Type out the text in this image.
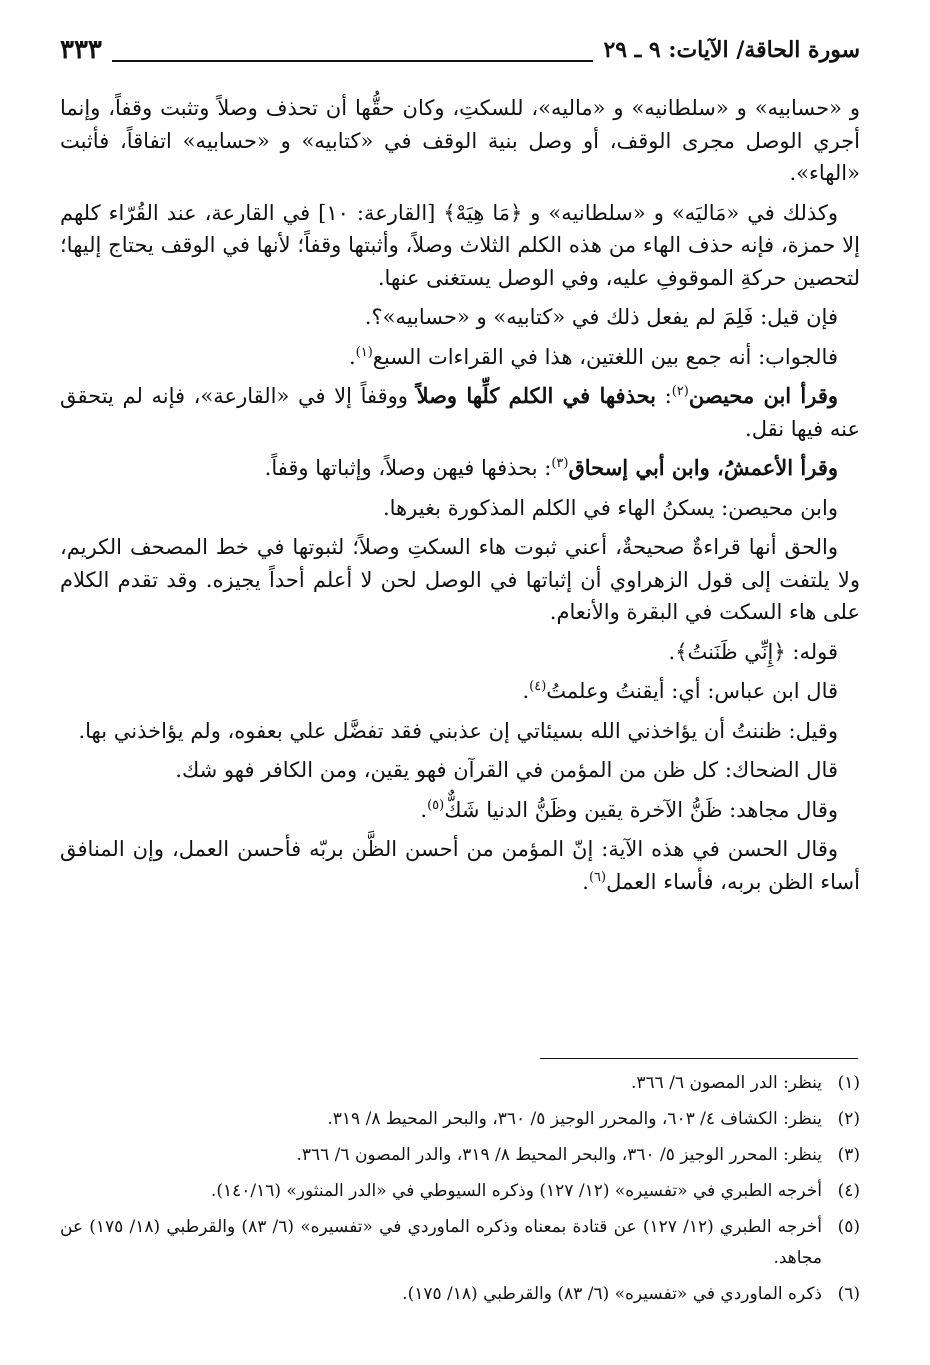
سورة الحاقة/ الآيات: ٩ ـ ٢٩
٣٣٣

و «حسابيه» و «سلطانيه» و «ماليه»، للسكتِ، وكان حقُّها أن تحذف وصلاً وتثبت وقفاً، وإنما أجري الوصل مجرى الوقف، أو وصل بنية الوقف في «كتابيه» و «حسابيه» اتفاقاً، فأثبت «الهاء».

وكذلك في «مَاليَه» و «سلطانيه» و ﴿مَا هِيَهْ﴾ [القارعة: ١٠] في القارعة، عند القُرّاء كلهم إلا حمزة، فإنه حذف الهاء من هذه الكلم الثلاث وصلاً، وأثبتها وقفاً؛ لأنها في الوقف يحتاج إليها؛ لتحصين حركةِ الموقوفِ عليه، وفي الوصل يستغنى عنها.

فإن قيل: فَلِمَ لم يفعل ذلك في «كتابيه» و «حسابيه»؟.

فالجواب: أنه جمع بين اللغتين، هذا في القراءات السبع$^{(١)}$.

وقرأ ابن محيصن$^{(٢)}$: بحذفها في الكلم كلِّها وصلاً ووقفاً إلا في «القارعة»، فإنه لم يتحقق عنه فيها نقل.

وقرأ الأعمشُ، وابن أبي إسحاق$^{(٣)}$: بحذفها فيهن وصلاً، وإثباتها وقفاً.

وابن محيصن: يسكنُ الهاء في الكلم المذكورة بغيرها.

والحق أنها قراءةٌ صحيحةٌ، أعني ثبوت هاء السكتِ وصلاً؛ لثبوتها في خط المصحف الكريم، ولا يلتفت إلى قول الزهراوي أن إثباتها في الوصل لحن لا أعلم أحداً يجيزه. وقد تقدم الكلام على هاء السكت في البقرة والأنعام.

قوله: ﴿إِنِّي ظَنَنتُ﴾.

قال ابن عباس: أي: أيقنتُ وعلمتُ$^{(٤)}$.

وقيل: ظننتُ أن يؤاخذني الله بسيئاتي إن عذبني فقد تفضَّل علي بعفوه، ولم يؤاخذني بها.

قال الضحاك: كل ظن من المؤمن في القرآن فهو يقين، ومن الكافر فهو شك.

وقال مجاهد: ظَنُّ الآخرة يقين وظَنُّ الدنيا شَكٌّ$^{(٥)}$.

وقال الحسن في هذه الآية: إنّ المؤمن من أحسن الظَّن بربّه فأحسن العمل، وإن المنافق أساء الظن بربه، فأساء العمل$^{(٦)}$.

(١)
ينظر: الدر المصون ٦/ ٣٦٦.
(٢)
ينظر: الكشاف ٤/ ٦٠٣، والمحرر الوجيز ٥/ ٣٦٠، والبحر المحيط ٨/ ٣١٩.
(٣)
ينظر: المحرر الوجيز ٥/ ٣٦٠، والبحر المحيط ٨/ ٣١٩، والدر المصون ٦/ ٣٦٦.
(٤)
أخرجه الطبري في «تفسيره» (١٢/ ١٢٧) وذكره السيوطي في «الدر المنثور» (١٤٠/١٦).
(٥)
أخرجه الطبري (١٢/ ١٢٧) عن قتادة بمعناه وذكره الماوردي في «تفسيره» (٦/ ٨٣) والقرطبي (١٨/ ١٧٥) عن مجاهد.
(٦)
ذكره الماوردي في «تفسيره» (٦/ ٨٣) والقرطبي (١٨/ ١٧٥).
